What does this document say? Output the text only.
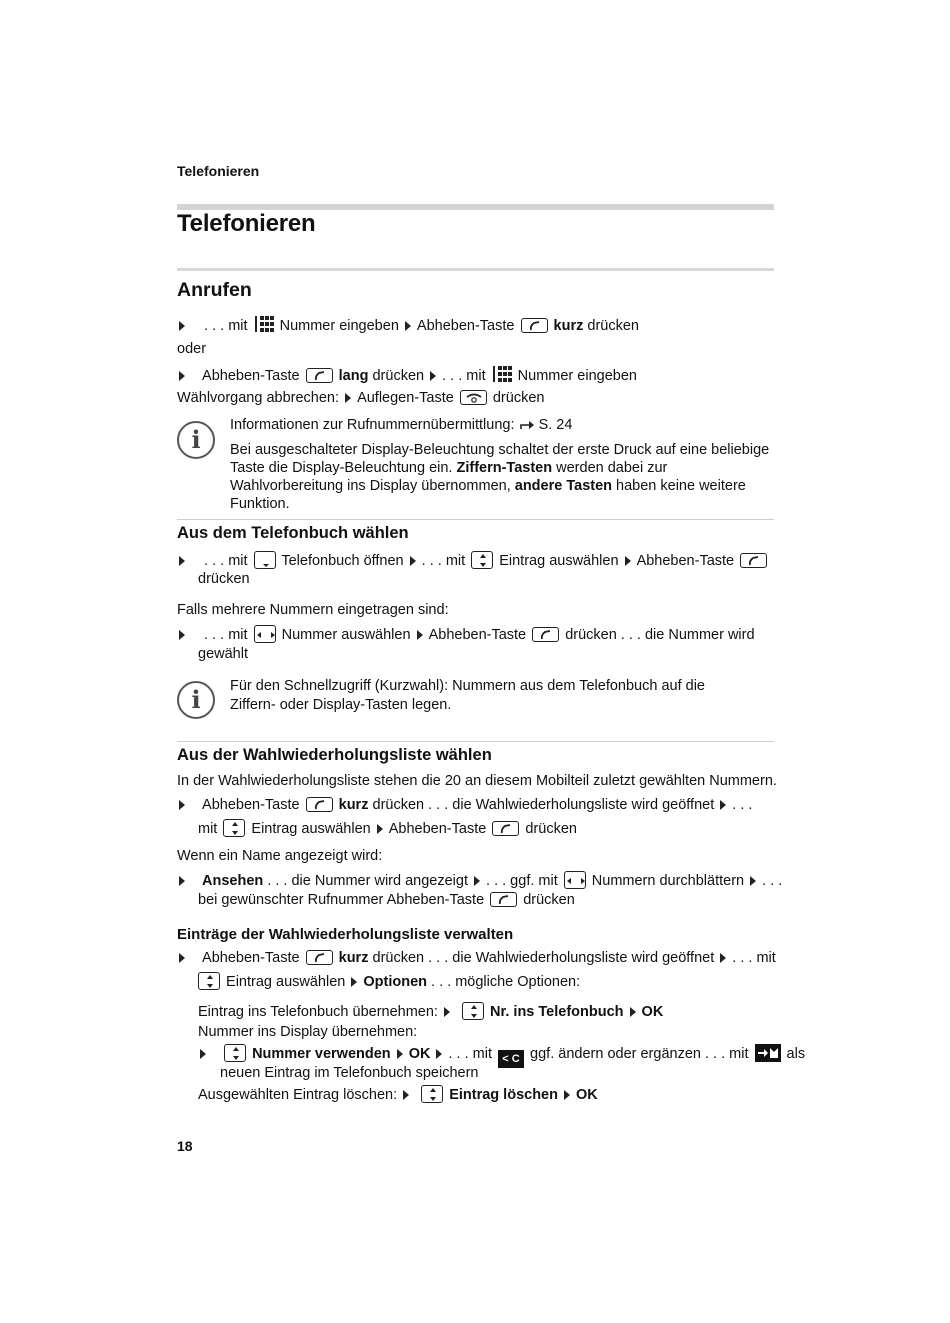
Telefonieren
Telefonieren
Anrufen
. . . mit Nummer eingeben Abheben-Taste	kurz drücken
oder
Abheben-Taste	lang drücken . . . mit Nummer eingeben
Wählvorgang abbrechen: Auflegen-Taste	drücken
i	Informationen zur Rufnummernübermittlung: S. 24
Bei ausgeschalteter Display-Beleuchtung schaltet der erste Druck auf eine beliebige Taste die Display-Beleuchtung ein. Ziffern-Tasten werden dabei zur Wahlvorbereitung ins Display übernommen, andere Tasten haben keine weitere Funktion.
Aus dem Telefonbuch wählen
. . . mit Telefonbuch öffnen . . . mit Eintrag auswählen Abheben-Taste
drücken
Falls mehrere Nummern eingetragen sind:
. . . mit Nummer auswählen Abheben-Taste	drücken . . . die Nummer wird
gewählt
i	Für den Schnellzugriff (Kurzwahl): Nummern aus dem Telefonbuch auf die Ziffern- oder Display-Tasten legen.
Aus der Wahlwiederholungsliste wählen
In der Wahlwiederholungsliste stehen die 20 an diesem Mobilteil zuletzt gewählten Nummern.
Abheben-Taste	kurz drücken . . . die Wahlwiederholungsliste wird geöffnet . . .
mit Eintrag auswählen Abheben-Taste	drücken
Wenn ein Name angezeigt wird:
Ansehen . . . die Nummer wird angezeigt . . . ggf. mit Nummern durchblättern . . .
bei gewünschter Rufnummer Abheben-Taste	drücken
Einträge der Wahlwiederholungsliste verwalten
Abheben-Taste	kurz drücken . . . die Wahlwiederholungsliste wird geöffnet . . . mit
Eintrag auswählen Optionen . . . mögliche Optionen:
Eintrag ins Telefonbuch übernehmen:	Nr. ins Telefonbuch OK
Nummer ins Display übernehmen:

Nummer verwenden OK . . . mit < C ggf. ändern oder ergänzen . . . mit	als
neuen Eintrag im Telefonbuch speichern
Ausgewählten Eintrag löschen:	Eintrag löschen OK
18
